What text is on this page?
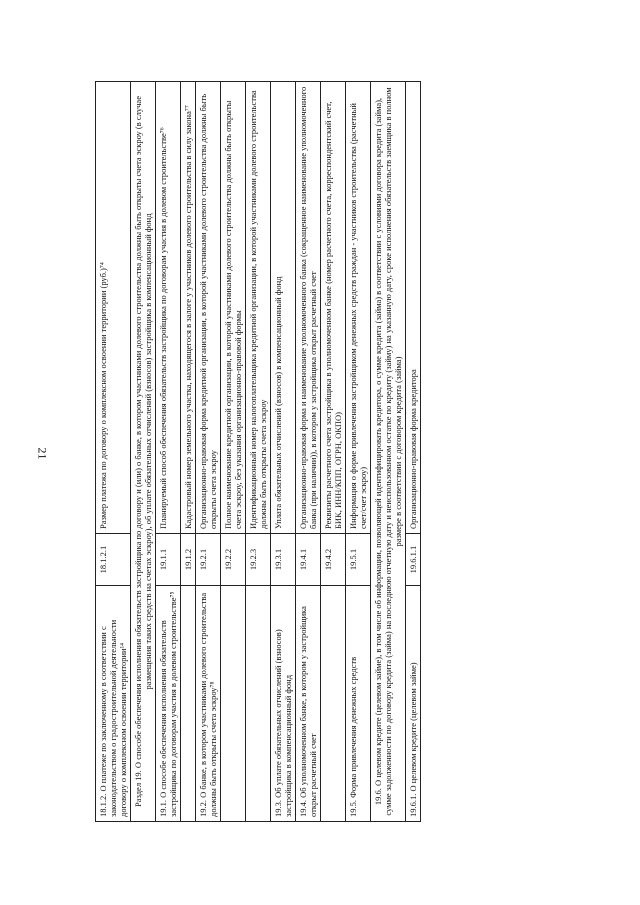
21
18.1.2. О платеже по заключенному в соответствии с законодательством о градостроительной деятельности договору о комплексном освоении территории¹⁴	18.1.2.1	Размер платежа по договору о комплексном освоении территории (руб.)⁷⁴
Раздел 19. О способе обеспечения исполнения обязательств застройщика по договору и (или) о банке, в котором участниками долевого строительства должны быть открыты счета эскроу (в случае размещения таких средств на счетах эскроу), об уплате обязательных отчислений (взносов) застройщика в компенсационный фонд		
19.1. О способе обеспечения исполнения обязательств застройщика по договорам участия в долевом строительстве⁷⁵	19.1.1	Планируемый способ обеспечения обязательств застройщика по договорам участия в долевом строительстве⁷⁶
	19.1.2	Кадастровый номер земельного участка, находящегося в залоге у участников долевого строительства в силу закона⁷⁷
19.2. О банке, в котором участниками долевого строительства должны быть открыты счета эскроу⁷⁸	19.2.1	Организационно-правовая форма кредитной организации, в которой участниками долевого строительства должны быть открыты счета эскроу
	19.2.2	Полное наименование кредитной организации, в которой участниками долевого строительства должны быть открыты счета эскроу, без указания организационно-правовой формы
	19.2.3	Идентификационный номер налогоплательщика кредитной организации, в которой участниками долевого строительства должны быть открыты счета эскроу
19.3. Об уплате обязательных отчислений (взносов) застройщика в компенсационный фонд	19.3.1	Уплата обязательных отчислений (взносов) в компенсационный фонд
19.4. Об уполномоченном банке, в котором у застройщика открыт расчетный счет	19.4.1	Организационно-правовая форма и наименование уполномоченного банка (сокращенное наименование уполномоченного банка (при наличии)), в котором у застройщика открыт расчетный счет
	19.4.2	Реквизиты расчетного счета застройщика в уполномоченном банке (номер расчетного счета, корреспондентский счет, БИК, ИНН/КПП, ОГРН, ОКПО)
19.5. Форма привлечения денежных средств	19.5.1	Информация о форме привлечения застройщиком денежных средств граждан - участников строительства (расчетный счет/счет эскроу)
19.6. О целевом кредите (целевом займе), в том числе об информации, позволяющей идентифицировать кредитора, о сумме кредита (займа) в соответствии с условиями договора кредита (займа), сумме задолженности по договору кредита (займа) на последнюю отчетную дату и неиспользованном остатке по кредиту (займу) на указанную дату, сроке исполнения обязательств заемщика в полном размере в соответствии с договором кредита (займа)		
19.6.1. О целевом кредите (целевом займе)	19.6.1.1	Организационно-правовая форма кредитора
